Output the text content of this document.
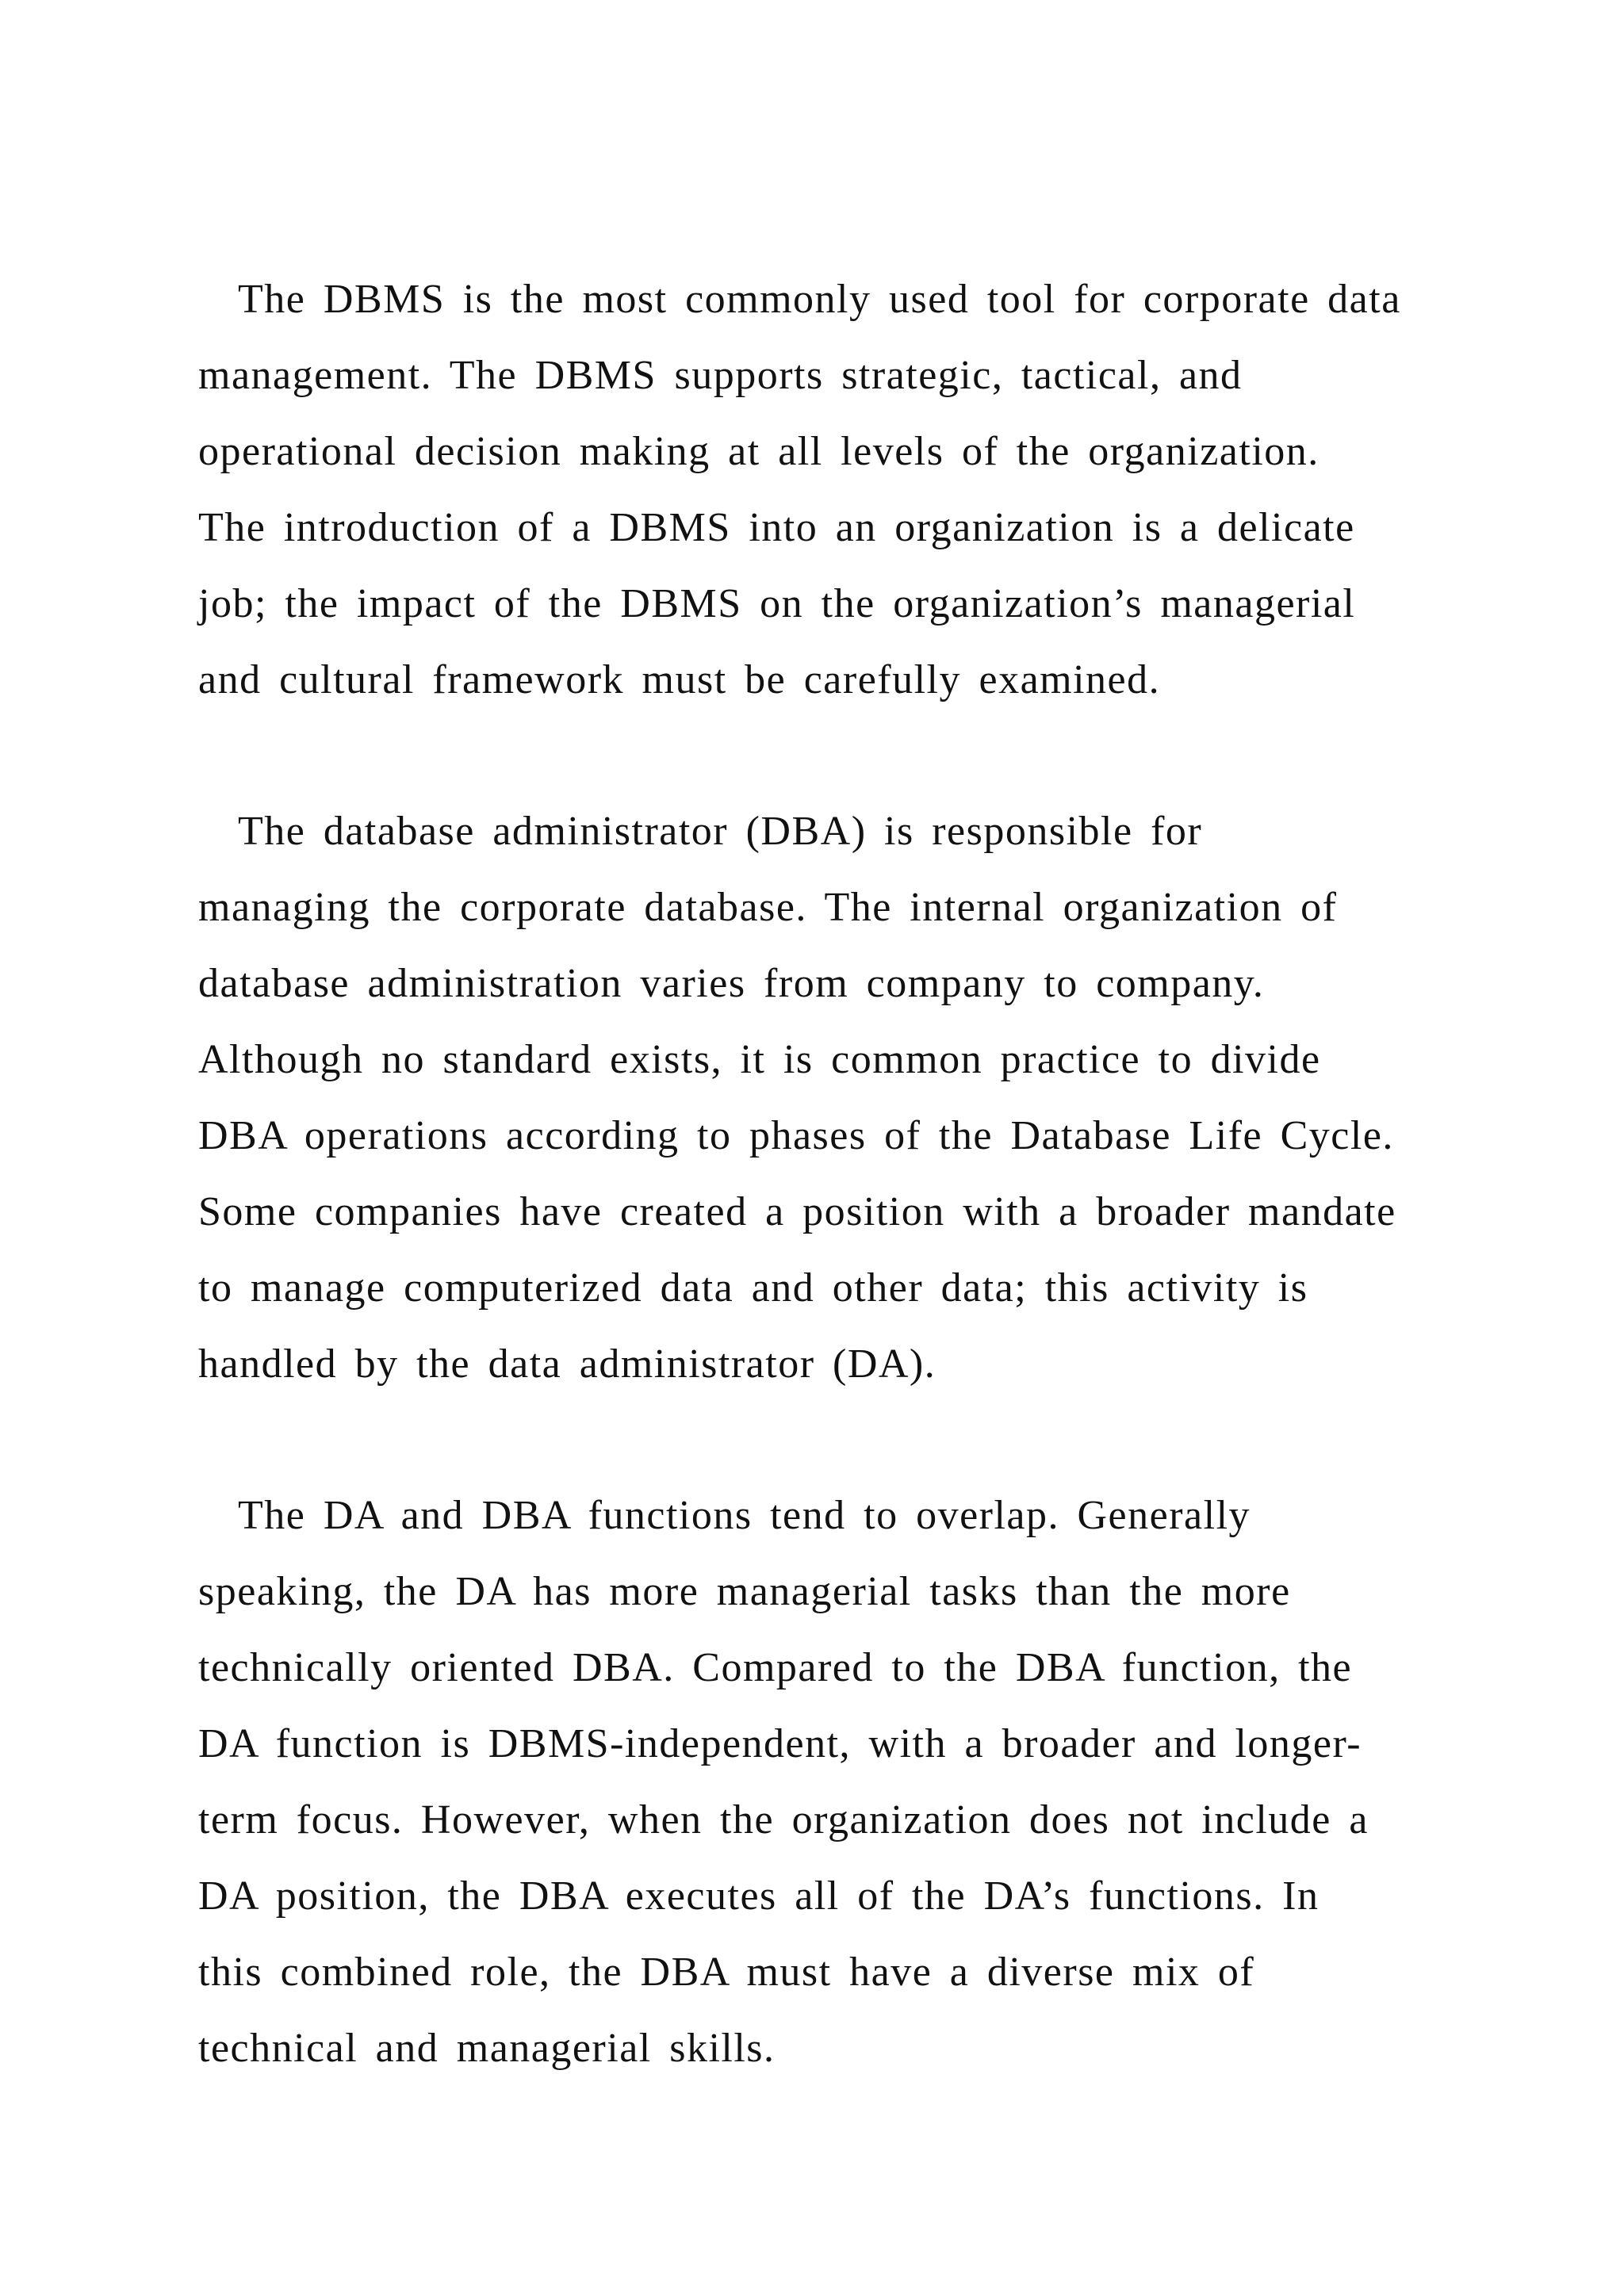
The DBMS is the most commonly used tool for corporate data
management. The DBMS supports strategic, tactical, and
operational decision making at all levels of the organization.
The introduction of a DBMS into an organization is a delicate
job; the impact of the DBMS on the organization’s managerial
and cultural framework must be carefully examined.

The database administrator (DBA) is responsible for
managing the corporate database. The internal organization of
database administration varies from company to company.
Although no standard exists, it is common practice to divide
DBA operations according to phases of the Database Life Cycle.
Some companies have created a position with a broader mandate
to manage computerized data and other data; this activity is
handled by the data administrator (DA).

The DA and DBA functions tend to overlap. Generally
speaking, the DA has more managerial tasks than the more
technically oriented DBA. Compared to the DBA function, the
DA function is DBMS-independent, with a broader and longer-
term focus. However, when the organization does not include a
DA position, the DBA executes all of the DA’s functions. In
this combined role, the DBA must have a diverse mix of
technical and managerial skills.
